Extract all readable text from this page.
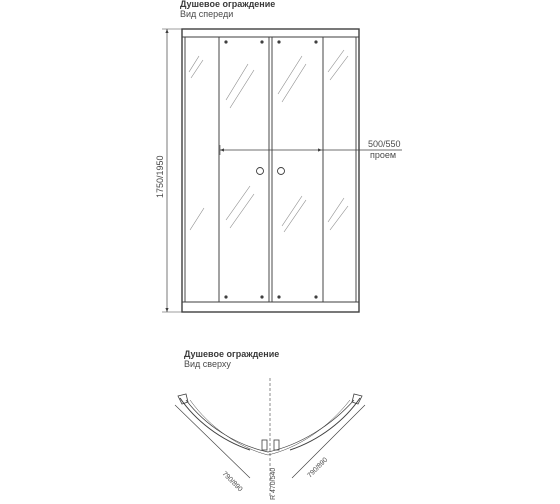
Душевое ограждение
Вид спереди
Душевое ограждение
Вид сверху
500/550
проем
1750/1950
790/890
790/890
R 470/540
